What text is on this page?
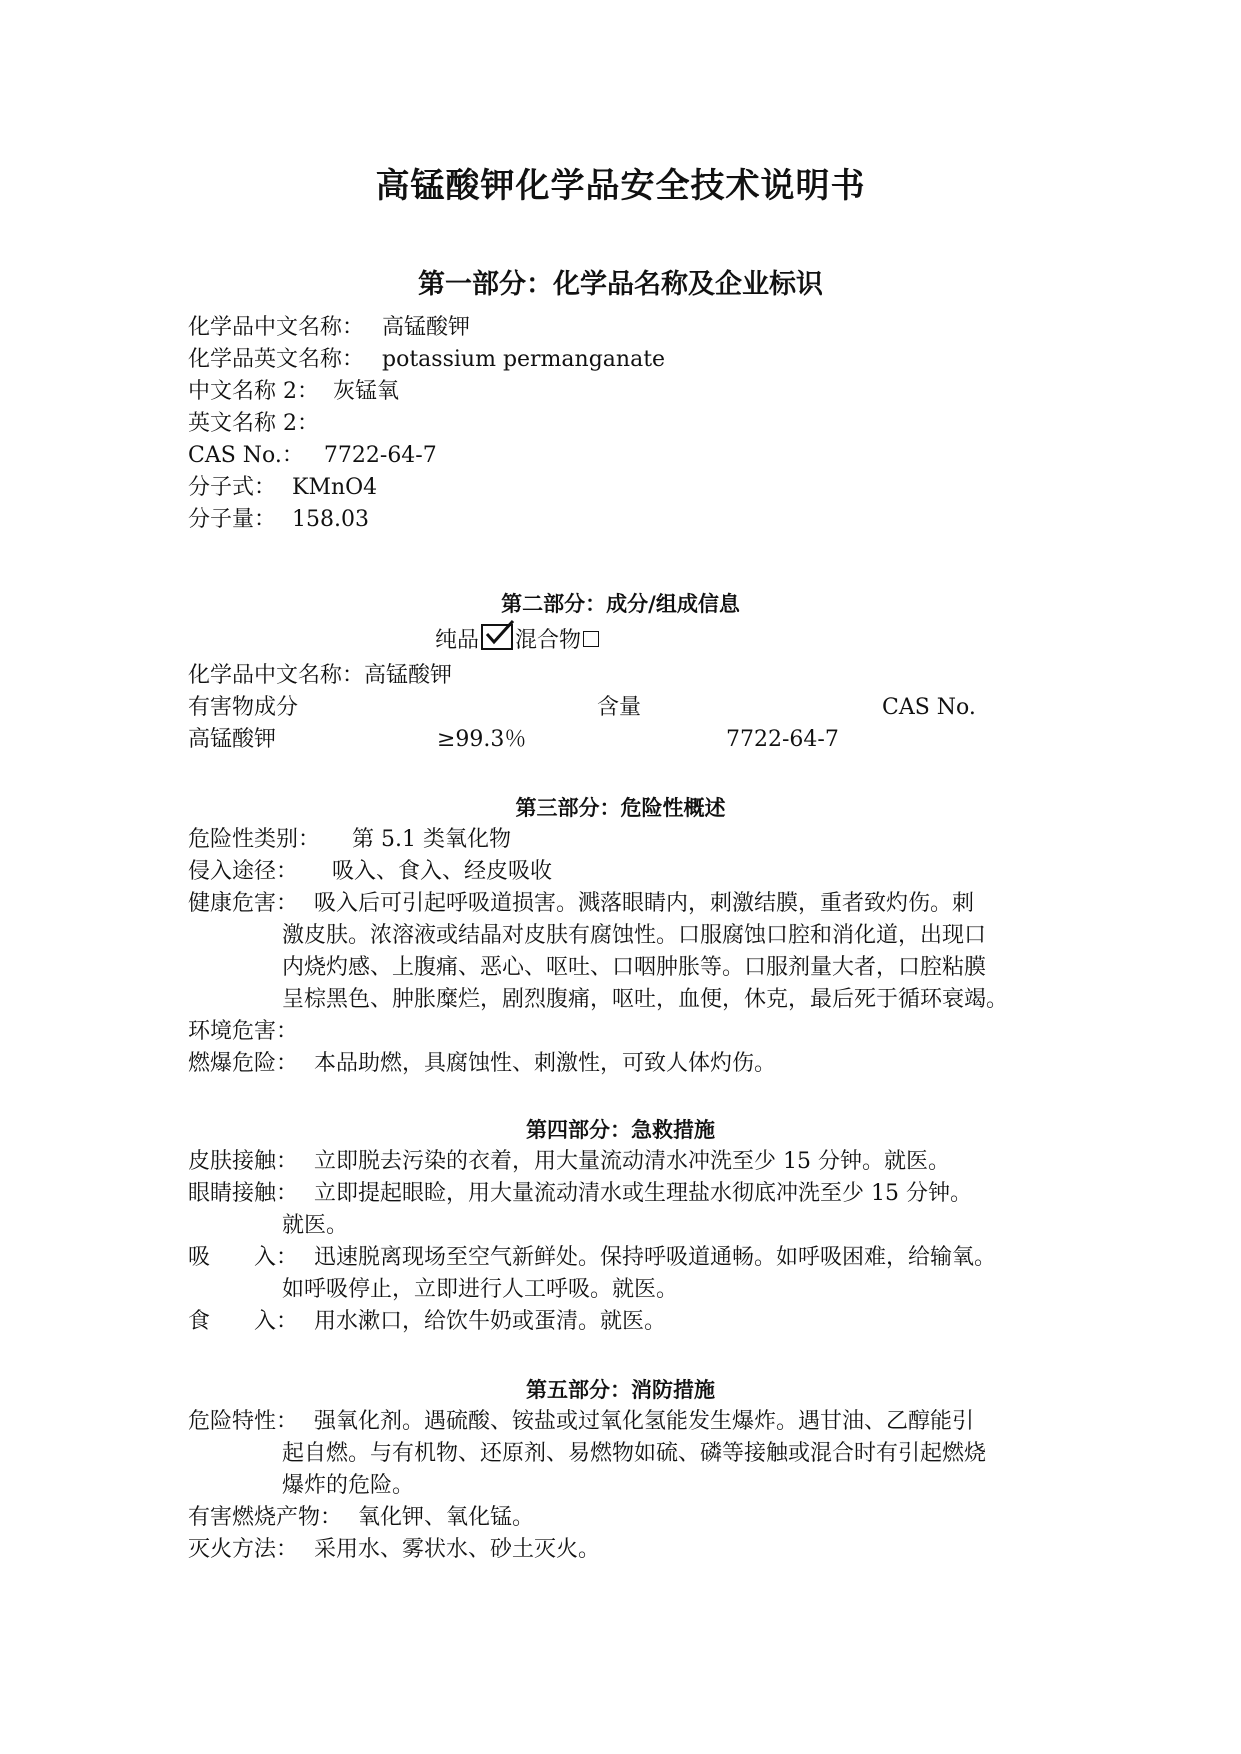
高锰酸钾化学品安全技术说明书
第一部分：化学品名称及企业标识
化学品中文名称： 高锰酸钾
化学品英文名称： potassium permanganate
中文名称 2： 灰锰氧
英文名称 2：
CAS No.： 7722-64-7
分子式： KMnO4
分子量： 158.03
第二部分：成分/组成信息
纯品 混合物
化学品中文名称：高锰酸钾
有害物成分	含量	CAS No.
高锰酸钾	≥99.3％	7722-64-7
第三部分：危险性概述
危险性类别： 第 5.1 类氧化物
侵入途径： 吸入、食入、经皮吸收
健康危害： 吸入后可引起呼吸道损害。溅落眼睛内，刺激结膜，重者致灼伤。刺
激皮肤。浓溶液或结晶对皮肤有腐蚀性。口服腐蚀口腔和消化道，出现口
内烧灼感、上腹痛、恶心、呕吐、口咽肿胀等。口服剂量大者，口腔粘膜
呈棕黑色、肿胀糜烂，剧烈腹痛，呕吐，血便，休克，最后死于循环衰竭。
环境危害：
燃爆危险： 本品助燃，具腐蚀性、刺激性，可致人体灼伤。
第四部分：急救措施
皮肤接触： 立即脱去污染的衣着，用大量流动清水冲洗至少 15 分钟。就医。
眼睛接触： 立即提起眼睑，用大量流动清水或生理盐水彻底冲洗至少 15 分钟。
就医。
吸　　入： 迅速脱离现场至空气新鲜处。保持呼吸道通畅。如呼吸困难，给输氧。
如呼吸停止，立即进行人工呼吸。就医。
食　　入： 用水漱口，给饮牛奶或蛋清。就医。
第五部分：消防措施
危险特性： 强氧化剂。遇硫酸、铵盐或过氧化氢能发生爆炸。遇甘油、乙醇能引
起自燃。与有机物、还原剂、易燃物如硫、磷等接触或混合时有引起燃烧
爆炸的危险。
有害燃烧产物： 氧化钾、氧化锰。
灭火方法： 采用水、雾状水、砂土灭火。
